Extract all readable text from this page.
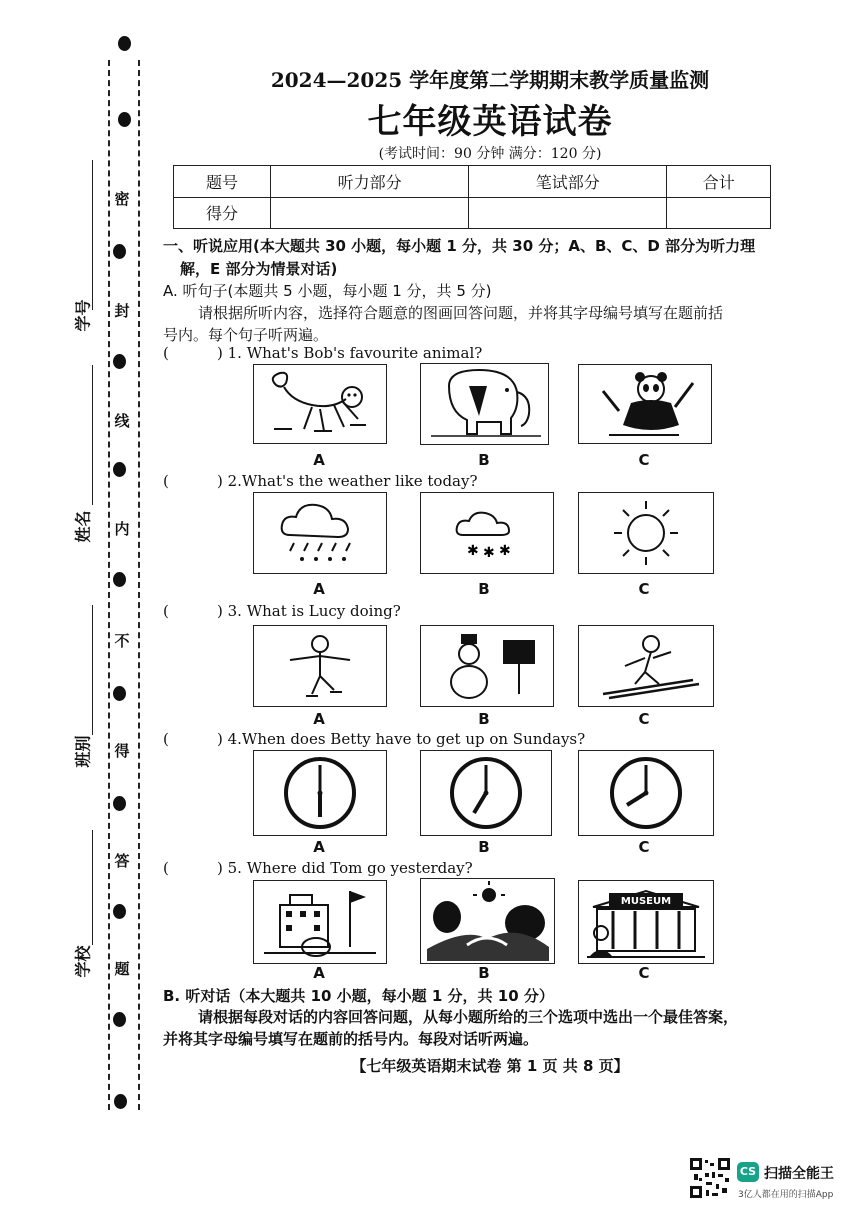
密
封
线
内
不
得
答
题
学号
姓名
班别
学校
2024—2025 学年度第二学期期末教学质量监测
七年级英语试卷
(考试时间：90 分钟 满分：120 分)
题号	听力部分	笔试部分	合计
得分			
一、听说应用(本大题共 30 小题，每小题 1 分，共 30 分；A、B、C、D 部分为听力理
解，E 部分为情景对话)
A. 听句子(本题共 5 小题，每小题 1 分，共 5 分)
请根据所听内容，选择符合题意的图画回答问题，并将其字母编号填写在题前括
号内。每个句子听两遍。
(	) 1. What's Bob's favourite animal?
A	B	C
(	) 2.What's the weather like today?
✱ ✱ ✱
A	B	C
(	) 3. What is Lucy doing?
A	B	C
(	) 4.When does Betty have to get up on Sundays?
A	B	C
(	) 5. Where did Tom go yesterday?
MUSEUM
A	B	C
B. 听对话（本大题共 10 小题，每小题 1 分，共 10 分）
请根据每段对话的内容回答问题，从每小题所给的三个选项中选出一个最佳答案，
并将其字母编号填写在题前的括号内。每段对话听两遍。
【七年级英语期末试卷 第 1 页 共 8 页】
CS 扫描全能王
3亿人都在用的扫描App
